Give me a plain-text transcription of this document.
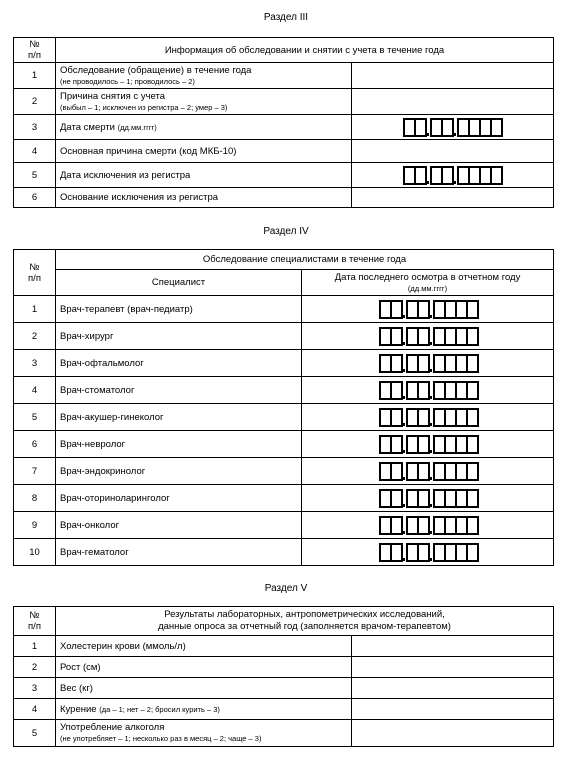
Раздел III
№
п/п	Информация об обследовании и снятии с учета в течение года	
1	Обследование (обращение) в течение года
(не проводилось – 1; проводилось – 2)	

2	Причина снятия с учета
(выбыл – 1; исключен из регистра – 2; умер – 3)	

3	Дата смерти (дд.мм.гггг)	

4	Основная причина смерти (код МКБ-10)	
5	Дата исключения из регистра	

6	Основание исключения из регистра	
Раздел IV
№
п/п	Обследование специалистами в течение года	
	Специалист	Дата последнего осмотра в отчетном году
(дд.мм.гггг)
1	Врач-терапевт (врач-педиатр)	

2	Врач-хирург	

3	Врач-офтальмолог	

4	Врач-стоматолог	

5	Врач-акушер-гинеколог	

6	Врач-невролог	

7	Врач-эндокринолог	

8	Врач-оториноларинголог	

9	Врач-онколог	

10	Врач-гематолог	
Раздел V
№
п/п	Результаты лабораторных, антропометрических исследований,
данные опроса за отчетный год (заполняется врачом-терапевтом)	
1	Холестерин крови (ммоль/л)	
2	Рост (см)	
3	Вес (кг)	
4	Курение (да – 1; нет – 2; бросил курить – 3)	
5	Употребление алкоголя
(не употребляет – 1; несколько раз в месяц – 2; чаще – 3)	
